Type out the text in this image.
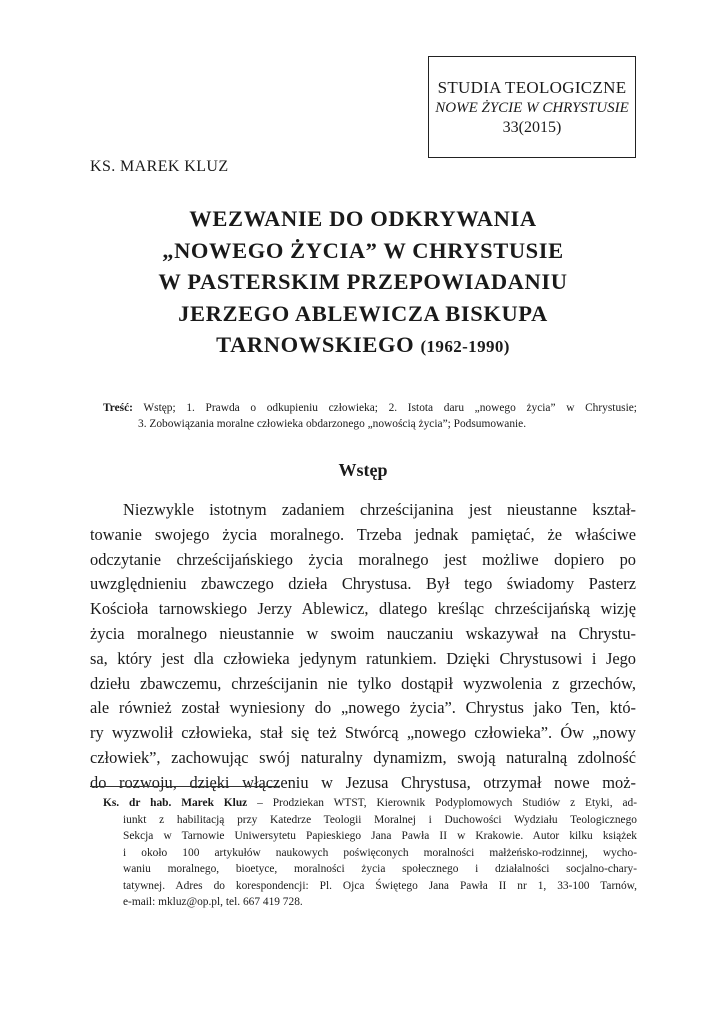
STUDIA TEOLOGICZNE
NOWE ŻYCIE W CHRYSTUSIE
33(2015)
KS. MAREK KLUZ
WEZWANIE DO ODKRYWANIA
„NOWEGO ŻYCIA” W CHRYSTUSIE
W PASTERSKIM PRZEPOWIADANIU
JERZEGO ABLEWICZA BISKUPA
TARNOWSKIEGO (1962-1990)
Treść: Wstęp; 1. Prawda o odkupieniu człowieka; 2. Istota daru „nowego życia” w Chrystusie;
3. Zobowiązania moralne człowieka obdarzonego „nowością życia”; Podsumowanie.
Wstęp
Niezwykle istotnym zadaniem chrześcijanina jest nieustanne kształ-
towanie swojego życia moralnego. Trzeba jednak pamiętać, że właściwe
odczytanie chrześcijańskiego życia moralnego jest możliwe dopiero po
uwzględnieniu zbawczego dzieła Chrystusa. Był tego świadomy Pasterz
Kościoła tarnowskiego Jerzy Ablewicz, dlatego kreśląc chrześcijańską wizję
życia moralnego nieustannie w swoim nauczaniu wskazywał na Chrystu-
sa, który jest dla człowieka jedynym ratunkiem. Dzięki Chrystusowi i Jego
dziełu zbawczemu, chrześcijanin nie tylko dostąpił wyzwolenia z grzechów,
ale również został wyniesiony do „nowego życia”. Chrystus jako Ten, któ-
ry wyzwolił człowieka, stał się też Stwórcą „nowego człowieka”. Ów „nowy
człowiek”, zachowując swój naturalny dynamizm, swoją naturalną zdolność
do rozwoju, dzięki włączeniu w Jezusa Chrystusa, otrzymał nowe moż-
Ks. dr hab. Marek Kluz – Prodziekan WTST, Kierownik Podyplomowych Studiów z Etyki, ad-
iunkt z habilitacją przy Katedrze Teologii Moralnej i Duchowości Wydziału Teologicznego
Sekcja w Tarnowie Uniwersytetu Papieskiego Jana Pawła II w Krakowie. Autor kilku książek
i około 100 artykułów naukowych poświęconych moralności małżeńsko-rodzinnej, wycho-
waniu moralnego, bioetyce, moralności życia społecznego i działalności socjalno-chary-
tatywnej. Adres do korespondencji: Pl. Ojca Świętego Jana Pawła II nr 1, 33-100 Tarnów,
e-mail: mkluz@op.pl, tel. 667 419 728.
